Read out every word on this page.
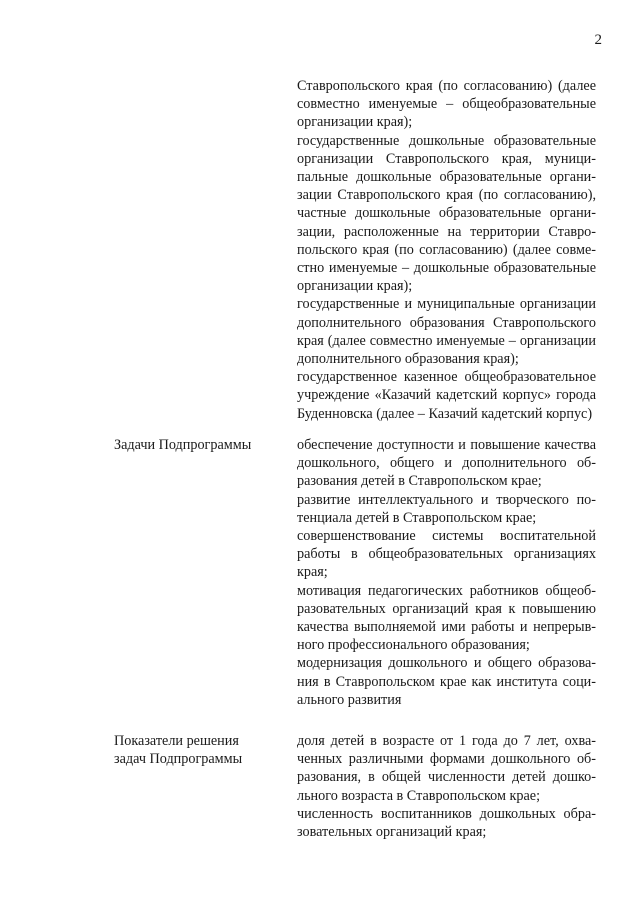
2

Ставропольского края (по согласованию) (далее совместно именуемые – общеобразовательные организации края);

государственные дошкольные образовательные организации Ставропольского края, муниципальные дошкольные образовательные организации Ставропольского края (по согласованию), частные дошкольные образовательные организации, расположенные на территории Ставропольского края (по согласованию) (далее совместно именуемые – дошкольные образовательные организации края);

государственные и муниципальные организации дополнительного образования Ставропольского края (далее совместно именуемые – организации дополнительного образования края);

государственное казенное общеобразовательное учреждение «Казачий кадетский корпус» города Буденновска (далее – Казачий кадетский корпус)

Задачи Подпрограммы	обеспечение доступности и повышение качества дошкольного, общего и дополнительного образования детей в Ставропольском крае;

развитие интеллектуального и творческого потенциала детей в Ставропольском крае;

совершенствование системы воспитательной работы в общеобразовательных организациях края;

мотивация педагогических работников общеобразовательных организаций края к повышению качества выполняемой ими работы и непрерывного профессионального образования;

модернизация дошкольного и общего образования в Ставропольском крае как института социального развития

Показатели решения
задач Подпрограммы

доля детей в возрасте от 1 года до 7 лет, охваченных различными формами дошкольного образования, в общей численности детей дошкольного возраста в Ставропольском крае;

численность воспитанников дошкольных образовательных организаций края;
